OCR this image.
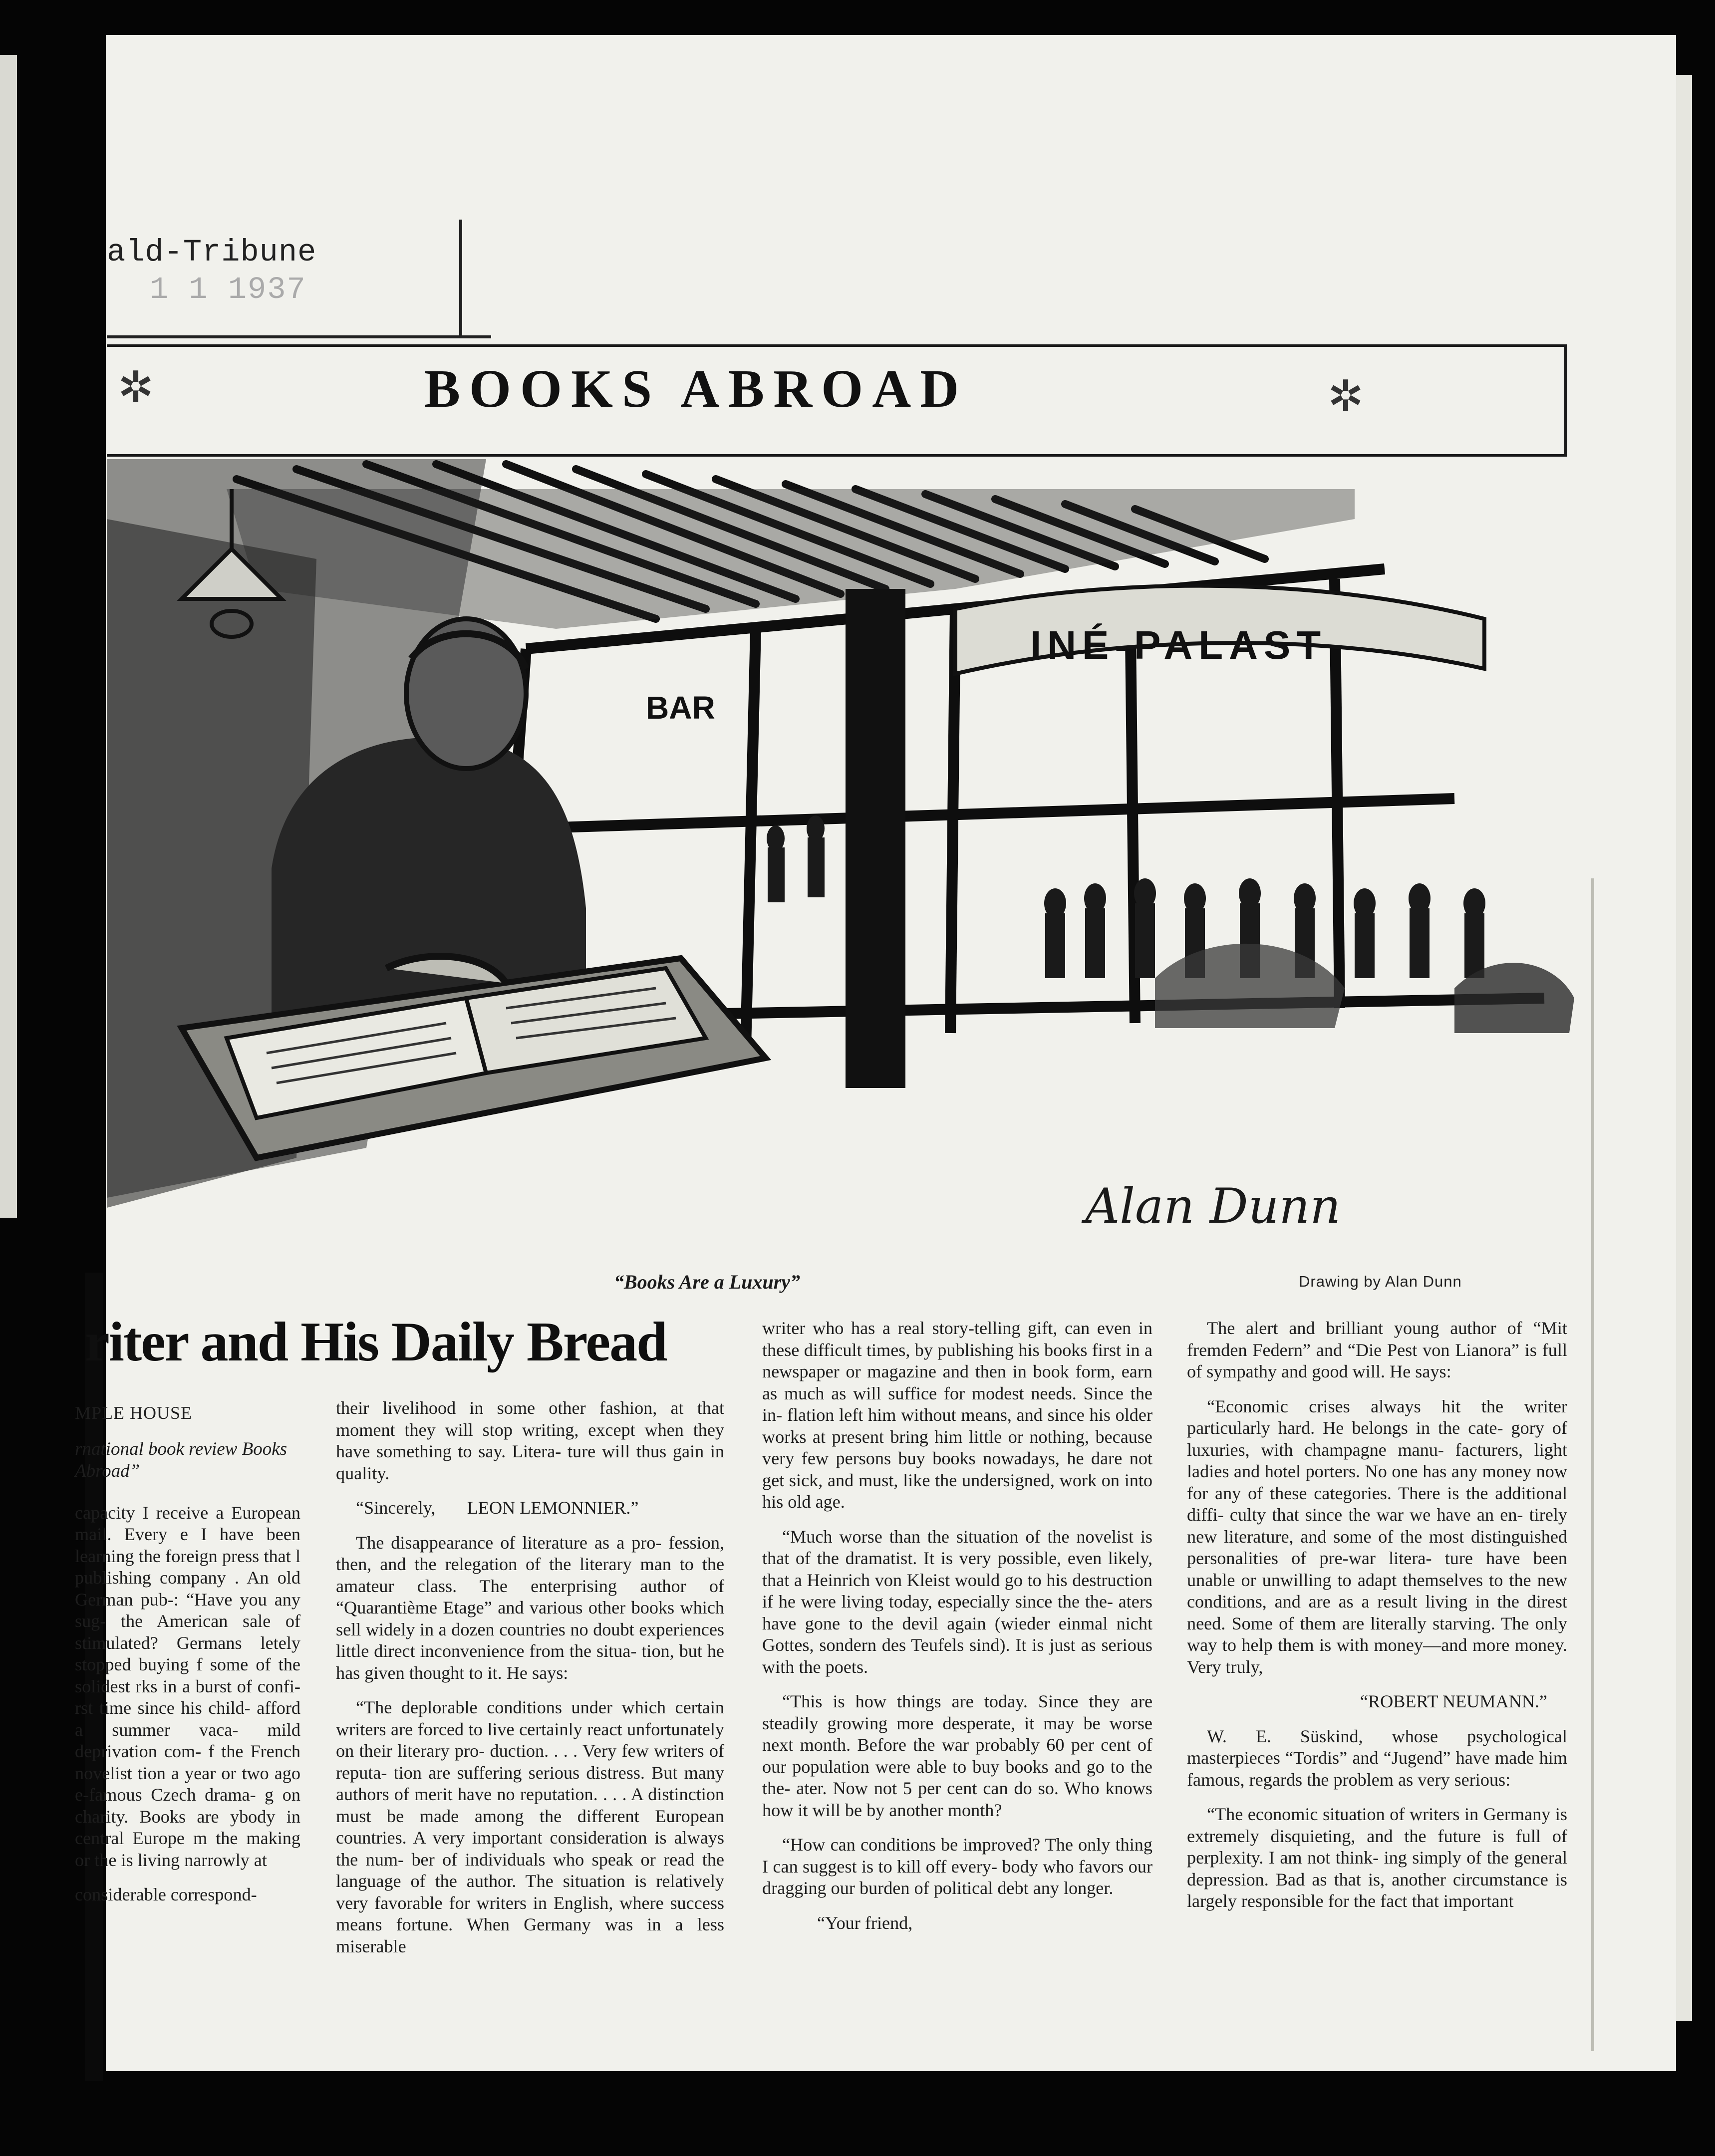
ald-Tribune
1 1 1937
✲	BOOKS ABROAD	✲
INÉ-PALAST
BAR
Alan Dunn
“Books Are a Luxury”	Drawing by Alan Dunn
riter and His Daily Bread

MPLE HOUSE

rnational book review Books Abroad”

capacity I receive a European mail. Every e I have been learning the foreign press that l publishing company . An old German pub-: “Have you any sug- the American sale of stimulated? Germans letely stopped buying f some of the solidest rks in a burst of confi- rst time since his child- afford a summer vaca- mild deprivation com- f the French novelist tion a year or two ago e-famous Czech drama- g on charity. Books are ybody in central Europe m the making or the is living narrowly at

considerable correspond-

their livelihood in some other fashion, at that moment they will stop writing, except when they have something to say. Litera- ture will thus gain in quality.

“Sincerely,       LEON LEMONNIER.”

The disappearance of literature as a pro- fession, then, and the relegation of the literary man to the amateur class. The enterprising author of “Quarantième Etage” and various other books which sell widely in a dozen countries no doubt experiences little direct inconvenience from the situa- tion, but he has given thought to it. He says:

“The deplorable conditions under which certain writers are forced to live certainly react unfortunately on their literary pro- duction. . . . Very few writers of reputa- tion are suffering serious distress. But many authors of merit have no reputation. . . . A distinction must be made among the different European countries. A very important consideration is always the num- ber of individuals who speak or read the language of the author. The situation is relatively very favorable for writers in English, where success means fortune. When Germany was in a less miserable

writer who has a real story-telling gift, can even in these difficult times, by publishing his books first in a newspaper or magazine and then in book form, earn as much as will suffice for modest needs. Since the in- flation left him without means, and since his older works at present bring him little or nothing, because very few persons buy books nowadays, he dare not get sick, and must, like the undersigned, work on into his old age.

“Much worse than the situation of the novelist is that of the dramatist. It is very possible, even likely, that a Heinrich von Kleist would go to his destruction if he were living today, especially since the the- aters have gone to the devil again (wieder einmal nicht Gottes, sondern des Teufels sind). It is just as serious with the poets.

“This is how things are today. Since they are steadily growing more desperate, it may be worse next month. Before the war probably 60 per cent of our population were able to buy books and go to the the- ater. Now not 5 per cent can do so. Who knows how it will be by another month?

“How can conditions be improved? The only thing I can suggest is to kill off every- body who favors our dragging our burden of political debt any longer.

“Your friend,

The alert and brilliant young author of “Mit fremden Federn” and “Die Pest von Lianora” is full of sympathy and good will. He says:

“Economic crises always hit the writer particularly hard. He belongs in the cate- gory of luxuries, with champagne manu- facturers, light ladies and hotel porters. No one has any money now for any of these categories. There is the additional diffi- culty that since the war we have an en- tirely new literature, and some of the most distinguished personalities of pre-war litera- ture have been unable or unwilling to adapt themselves to the new conditions, and are as a result living in the direst need. Some of them are literally starving. The only way to help them is with money—and more money. Very truly,

“ROBERT NEUMANN.”

W. E. Süskind, whose psychological masterpieces “Tordis” and “Jugend” have made him famous, regards the problem as very serious:

“The economic situation of writers in Germany is extremely disquieting, and the future is full of perplexity. I am not think- ing simply of the general depression. Bad as that is, another circumstance is largely responsible for the fact that important
